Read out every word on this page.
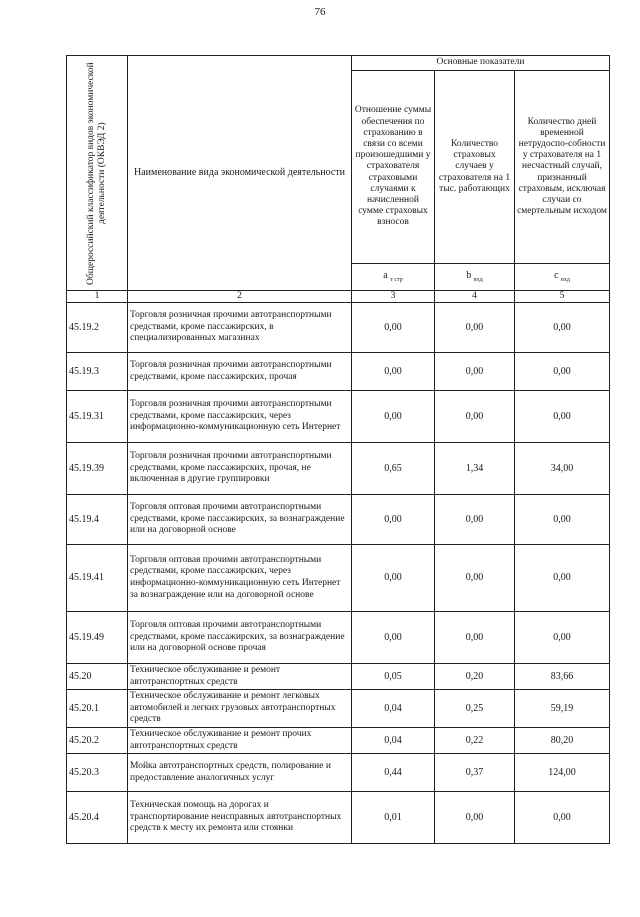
76
Общероссийский классификатор видов экономической деятельности (ОКВЭД 2)	Наименование вида экономической деятельности	Основные показатели		
		Отношение суммы обеспечения по страхованию в связи со всеми произошедшими у страхователя страховыми случаями к начисленной сумме страховых взносов	Количество страховых случаев у страхователя на 1 тыс. работающих	Количество дней временной нетрудоспо-собности у страхователя на 1 несчастный случай, признанный страховым, исключая случаи со смертельным исходом
		a $_{т стр}$	b $_{вхд}$	c $_{вхд}$
1	2	3	4	5
45.19.2	Торговля розничная прочими автотранспортными средствами, кроме пассажирских, в специализированных магазинах	0,00	0,00	0,00
45.19.3	Торговля розничная прочими автотранспортными средствами, кроме пассажирских, прочая	0,00	0,00	0,00
45.19.31	Торговля розничная прочими автотранспортными средствами, кроме пассажирских, через информационно-коммуникационную сеть Интернет	0,00	0,00	0,00
45.19.39	Торговля розничная прочими автотранспортными средствами, кроме пассажирских, прочая, не включенная в другие группировки	0,65	1,34	34,00
45.19.4	Торговля оптовая прочими автотранспортными средствами, кроме пассажирских, за вознаграждение или на договорной основе	0,00	0,00	0,00
45.19.41	Торговля оптовая прочими автотранспортными средствами, кроме пассажирских, через информационно-коммуникационную сеть Интернет за вознаграждение или на договорной основе	0,00	0,00	0,00
45.19.49	Торговля оптовая прочими автотранспортными средствами, кроме пассажирских, за вознаграждение или на договорной основе прочая	0,00	0,00	0,00
45.20	Техническое обслуживание и ремонт автотранспортных средств	0,05	0,20	83,66
45.20.1	Техническое обслуживание и ремонт легковых автомобилей и легких грузовых автотранспортных средств	0,04	0,25	59,19
45.20.2	Техническое обслуживание и ремонт прочих автотранспортных средств	0,04	0,22	80,20
45.20.3	Мойка автотранспортных средств, полирование и предоставление аналогичных услуг	0,44	0,37	124,00
45.20.4	Техническая помощь на дорогах и транспортирование неисправных автотранспортных средств к месту их ремонта или стоянки	0,01	0,00	0,00
